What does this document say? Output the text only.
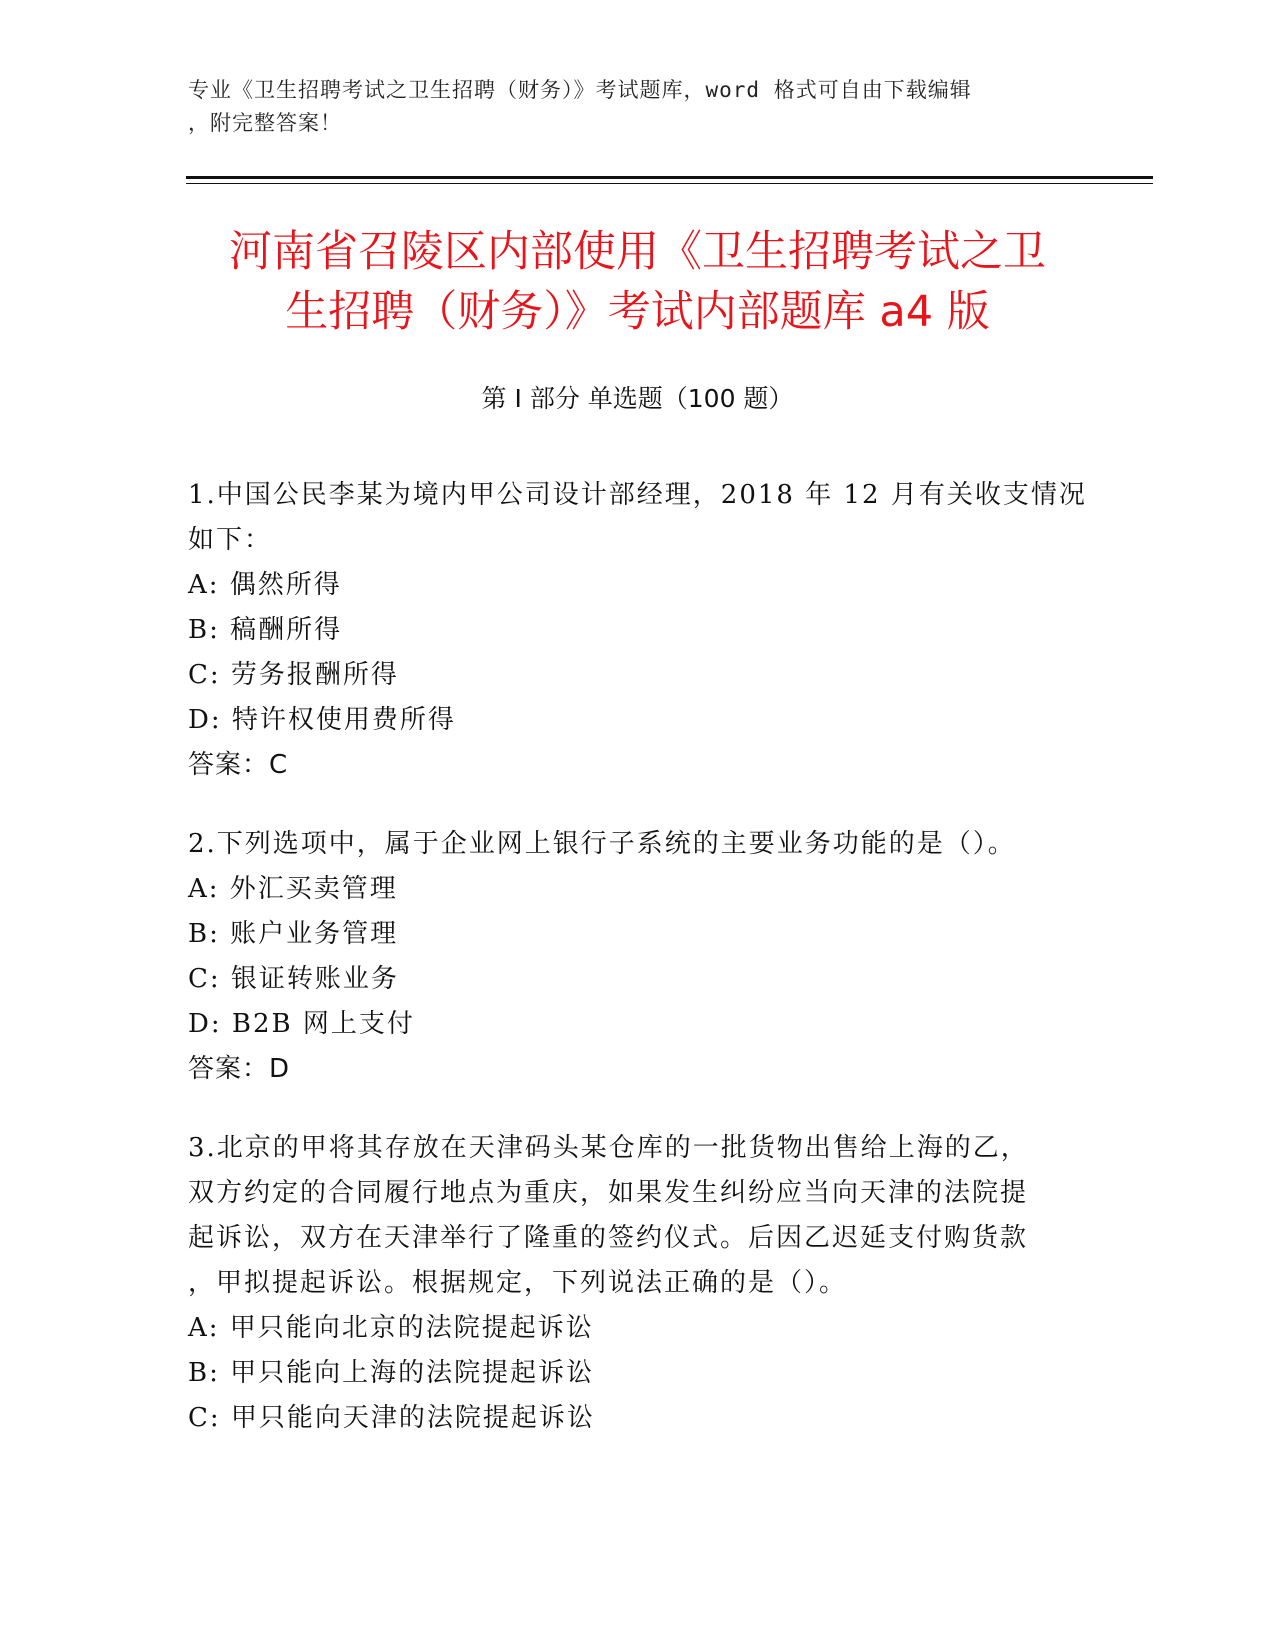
专业《卫生招聘考试之卫生招聘（财务）》考试题库，word 格式可自由下载编辑
，附完整答案！
河南省召陵区内部使用《卫生招聘考试之卫
生招聘（财务）》考试内部题库 a4 版
第 I 部分 单选题（100 题）
1.中国公民李某为境内甲公司设计部经理，2018 年 12 月有关收支情况
如下：
A: 偶然所得
B: 稿酬所得
C: 劳务报酬所得
D: 特许权使用费所得
答案：C
2.下列选项中，属于企业网上银行子系统的主要业务功能的是（）。
A: 外汇买卖管理
B: 账户业务管理
C: 银证转账业务
D: B2B 网上支付
答案：D
3.北京的甲将其存放在天津码头某仓库的一批货物出售给上海的乙，
双方约定的合同履行地点为重庆，如果发生纠纷应当向天津的法院提
起诉讼，双方在天津举行了隆重的签约仪式。后因乙迟延支付购货款
，甲拟提起诉讼。根据规定，下列说法正确的是（）。
A: 甲只能向北京的法院提起诉讼
B: 甲只能向上海的法院提起诉讼
C: 甲只能向天津的法院提起诉讼
